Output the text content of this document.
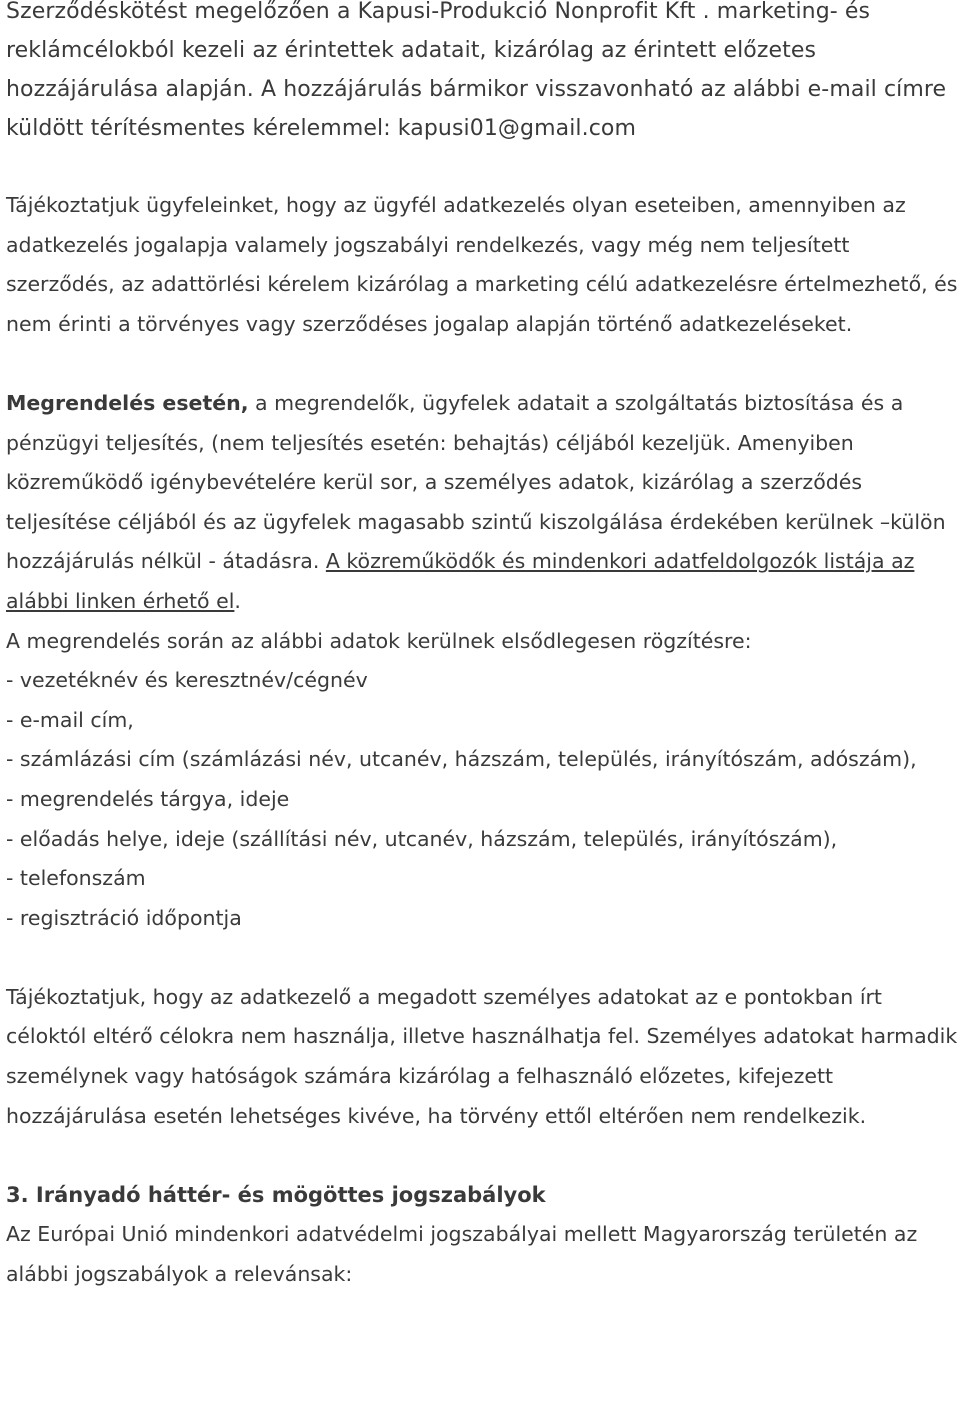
Szerződéskötést megelőzően a Kapusi-Produkció Nonprofit Kft . marketing- és reklámcélokból kezeli az érintettek adatait, kizárólag az érintett előzetes hozzájárulása alapján. A hozzájárulás bármikor visszavonható az alábbi e-mail címre küldött térítésmentes kérelemmel: kapusi01@gmail.com

Tájékoztatjuk ügyfeleinket, hogy az ügyfél adatkezelés olyan eseteiben, amennyiben az adatkezelés jogalapja valamely jogszabályi rendelkezés, vagy még nem teljesített szerződés, az adattörlési kérelem kizárólag a marketing célú adatkezelésre értelmezhető, és nem érinti a törvényes vagy szerződéses jogalap alapján történő adatkezeléseket.

Megrendelés esetén, a megrendelők, ügyfelek adatait a szolgáltatás biztosítása és a pénzügyi teljesítés, (nem teljesítés esetén: behajtás) céljából kezeljük. Amenyiben közreműködő igénybevételére kerül sor, a személyes adatok, kizárólag a szerződés teljesítése céljából és az ügyfelek magasabb szintű kiszolgálása érdekében kerülnek –külön hozzájárulás nélkül - átadásra. A közreműködők és mindenkori adatfeldolgozók listája az alábbi linken érhető el.

A megrendelés során az alábbi adatok kerülnek elsődlegesen rögzítésre:

- vezetéknév és keresztnév/cégnév

- e-mail cím,

- számlázási cím (számlázási név, utcanév, házszám, település, irányítószám, adószám),

- megrendelés tárgya, ideje

- előadás helye, ideje (szállítási név, utcanév, házszám, település, irányítószám),

- telefonszám

- regisztráció időpontja

Tájékoztatjuk, hogy az adatkezelő a megadott személyes adatokat az e pontokban írt céloktól eltérő célokra nem használja, illetve használhatja fel. Személyes adatokat harmadik személynek vagy hatóságok számára kizárólag a felhasználó előzetes, kifejezett hozzájárulása esetén lehetséges kivéve, ha törvény ettől eltérően nem rendelkezik.

3. Irányadó háttér- és mögöttes jogszabályok

Az Európai Unió mindenkori adatvédelmi jogszabályai mellett Magyarország területén az alábbi jogszabályok a relevánsak:
